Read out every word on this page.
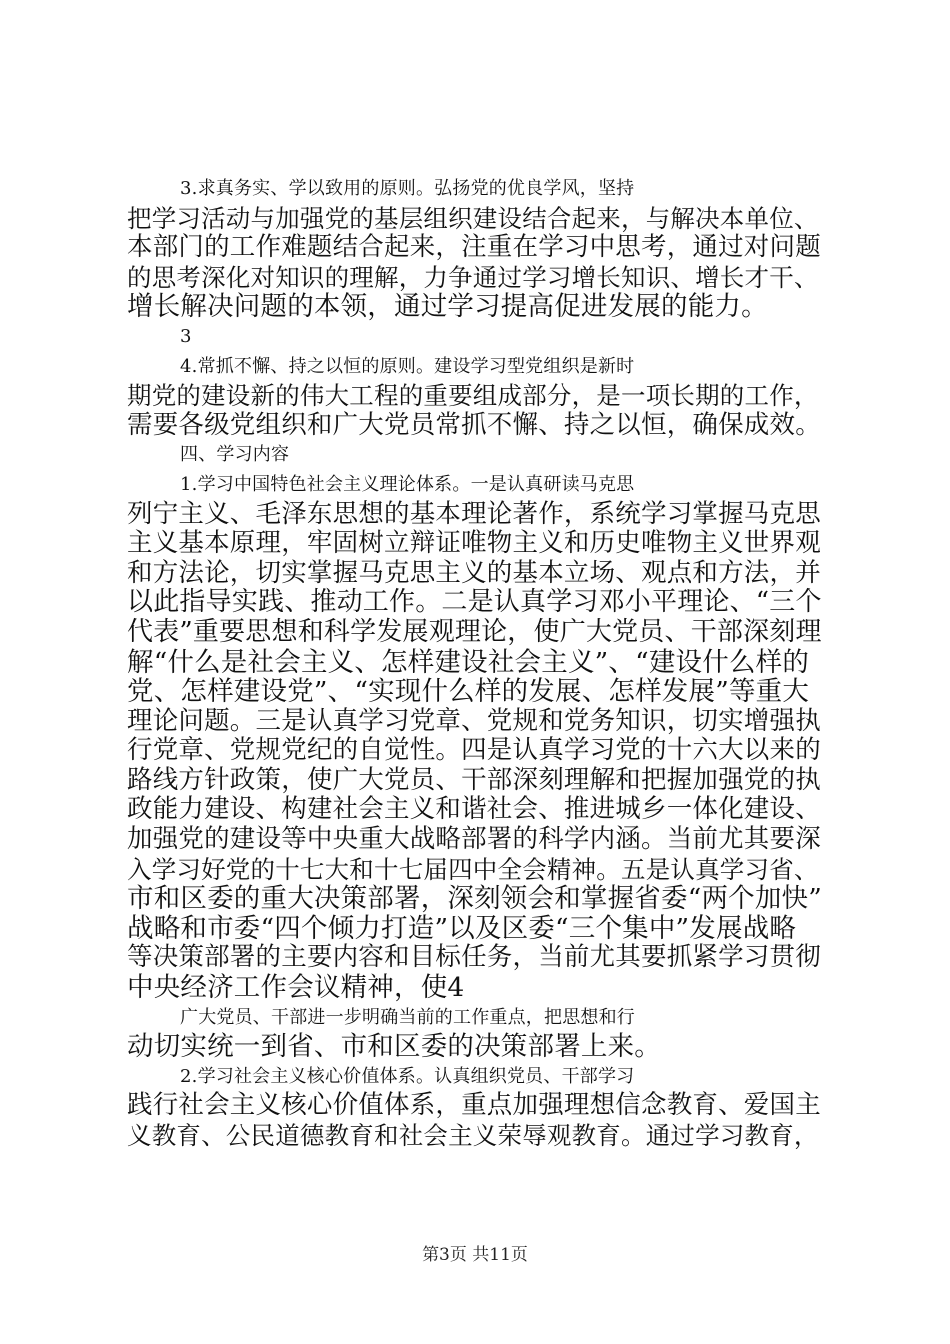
3.求真务实、学以致用的原则。弘扬党的优良学风，坚持
把学习活动与加强党的基层组织建设结合起来，与解决本单位、
本部门的工作难题结合起来，注重在学习中思考，通过对问题
的思考深化对知识的理解，力争通过学习增长知识、增长才干、
增长解决问题的本领，通过学习提高促进发展的能力。
3
4.常抓不懈、持之以恒的原则。建设学习型党组织是新时
期党的建设新的伟大工程的重要组成部分，是一项长期的工作，
需要各级党组织和广大党员常抓不懈、持之以恒，确保成效。
四、学习内容
1.学习中国特色社会主义理论体系。一是认真研读马克思
列宁主义、毛泽东思想的基本理论著作，系统学习掌握马克思
主义基本原理，牢固树立辩证唯物主义和历史唯物主义世界观
和方法论，切实掌握马克思主义的基本立场、观点和方法，并
以此指导实践、推动工作。二是认真学习邓小平理论、“三个
代表”重要思想和科学发展观理论，使广大党员、干部深刻理
解“什么是社会主义、怎样建设社会主义”、“建设什么样的
党、怎样建设党”、“实现什么样的发展、怎样发展”等重大
理论问题。三是认真学习党章、党规和党务知识，切实增强执
行党章、党规党纪的自觉性。四是认真学习党的十六大以来的
路线方针政策，使广大党员、干部深刻理解和把握加强党的执
政能力建设、构建社会主义和谐社会、推进城乡一体化建设、
加强党的建设等中央重大战略部署的科学内涵。当前尤其要深
入学习好党的十七大和十七届四中全会精神。五是认真学习省、
市和区委的重大决策部署，深刻领会和掌握省委“两个加快”
战略和市委“四个倾力打造”以及区委“三个集中”发展战略
等决策部署的主要内容和目标任务，当前尤其要抓紧学习贯彻
中央经济工作会议精神，使4
广大党员、干部进一步明确当前的工作重点，把思想和行
动切实统一到省、市和区委的决策部署上来。
2.学习社会主义核心价值体系。认真组织党员、干部学习
践行社会主义核心价值体系，重点加强理想信念教育、爱国主
义教育、公民道德教育和社会主义荣辱观教育。通过学习教育，
第3页 共11页
